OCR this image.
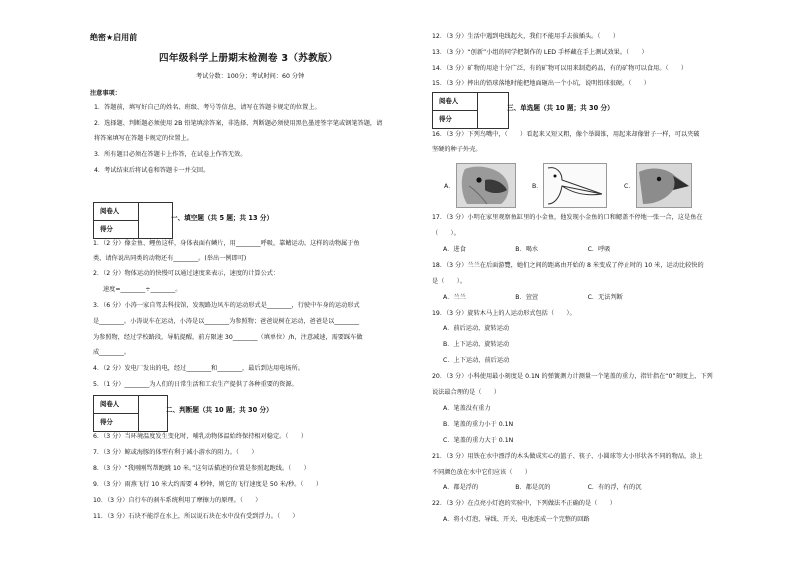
绝密★启用前
四年级科学上册期末检测卷 3（苏教版）
考试分数：100分；考试时间：60 分钟
注意事项：
1．答题前，填写好自己的姓名、班级、考号等信息，请写在答题卡规定的位置上。
2．选择题、判断题必须使用 2B 铅笔填涂答案，非选择、判断题必须使用黑色墨迹签字笔或钢笔答题，请
将答案填写在答题卡规定的位置上。
3．所有题目必须在答题卡上作答，在试卷上作答无效。
4．考试结束后将试卷和答题卡一并交回。
阅卷人
得分
一、填空题（共 5 题；共 13 分）
1．（2 分）像金鱼、鲤鱼这样，身体表面有鳞片，用________呼吸，靠鳍运动。这样的动物属于鱼
类，请你说出同类的动物还有________。(举出一例即可)
2．（2 分）物体运动的快慢可以通过速度来表示，速度的计算公式：
速度=________÷________。
3．（6 分）小涛一家自驾去科技馆，发现路边风车的运动形式是________，行驶中车身的运动形式
是________。小涛说车在运动，小涛是以________为参照物；爸爸说树在运动，爸爸是以________
为参照物，经过学校路段，导航提醒，前方限速 30________（填单位）/h，注意减速，需要踩车做
成________。
4．（2 分）发电厂发出的电，经过________和________，最后到达用电场所。
5．（1 分）________为人们的日常生活和工农生产提供了各种重要的资源。
阅卷人
得分
二、判断题（共 10 题；共 30 分）
6．（3 分）当环境温度发生变化时，哺乳动物体温始终保持相对稳定。（　　）
7．（3 分）鲸或海豚的体型有利于减小游水的阻力。（　　）
8．（3 分）“我刚刚骂帮跑跳 10 米。”这句话描述的位置是参照起跑线。（　　）
9．（3 分）雨燕飞行 10 米大约需要 4 秒钟，则它的飞行速度是 50 米/秒。（　　）
10．（3 分）自行车的刹车系统利用了摩擦力的原理。（　　）
11．（3 分）石块不能浮在水上，所以说石块在水中没有受到浮力。（　　）
12．（3 分）生活中遇到电线起火，我们不能用手去拔插头。（　　）
13．（3 分）“创新”小组的同学把制作的 LED 手杯藏在手上测试效果。（　　）
14．（3 分）矿物的用途十分广泛，有的矿物可以用来制造药品，有的矿物可以食用。（　　）
15．（3 分）摔出的铅球落地时能把地面砸出一个小坑，说明铅球很硬。（　　）
阅卷人
得分
三、单选题（共 10 题；共 30 分）
16．（3 分）下列鸟嘴中，（　　）看起来又短又粗，像个举圆锥，用起来却像钳子一样，可以夹破
坚硬的种子外壳。
A．	B．	C．
17．（3 分）小明在家里观察鱼缸里的小金鱼，他发现小金鱼的口和鳃盖不停地一张一合，这是鱼在
（　　）。
A．进食　　　　　　　　B．喝水　　　　　　　　C．呼吸
18．（3 分）兰兰在后面游覽，她们之间的距离由开始的 8 米变成了停止时的 10 米，运动比较快的
是（　　）。
A．兰兰　　　　　　　　B．萱萱　　　　　　　　C．无法判断
19．（3 分）旋转木马上的人运动形式包括（　　）。
A．前后运动、旋转运动
B．上下运动、旋转运动
C．上下运动、前后运动
20．（3 分）小科使用最小刻度是 0.1N 的弹簧测力计测量一个笔盖的重力，指针指在“0”刻度上，下列
说法最合理的是（　　）
A．笔盖没有重力
B．笔盖的重力小于 0.1N
C．笔盖的重力大于 0.1N
21．（3 分）用铁在水中漂浮的木头做成实心的篮子、筷子、小圆球等大小形状各不同的物品，涂上
不同颜色放在水中它们应该（　　）
A．都是浮的　　　　　　B．都是沉的　　　　　　C．有的浮，有的沉
22．（3 分）在点亮小灯泡的实验中，下列做法不正确的是（　　）
A．将小灯泡、导线、开关、电池连成一个完整的回路
